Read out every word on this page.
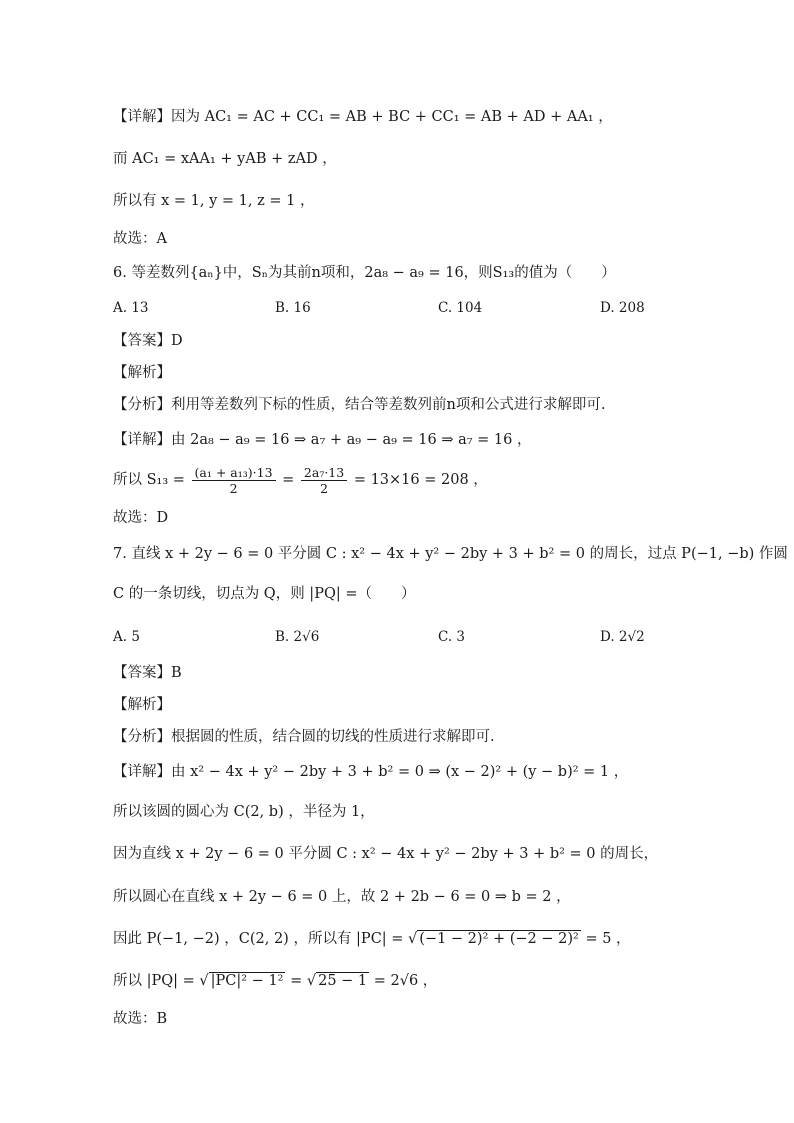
【详解】因为 AC₁ = AC + CC₁ = AB + BC + CC₁ = AB + AD + AA₁ ，
而 AC₁ = xAA₁ + yAB + zAD ，
所以有 x = 1, y = 1, z = 1 ，
故选：A
6. 等差数列{aₙ}中，Sₙ为其前n项和，2a₈ − a₉ = 16，则S₁₃的值为（　　）
A. 13	B. 16	C. 104	D. 208
【答案】D
【解析】
【分析】利用等差数列下标的性质，结合等差数列前n项和公式进行求解即可.
【详解】由 2a₈ − a₉ = 16 ⇒ a₇ + a₉ − a₉ = 16 ⇒ a₇ = 16 ，
所以 $S_{13} = \frac{\text{(a₁ + a₁₃)·13}}{2} = \frac{\text{2a₇·13}}{2} = 13\times 16 = 208$ ，
故选：D
7. 直线 x + 2y − 6 = 0 平分圆 C : x² − 4x + y² − 2by + 3 + b² = 0 的周长，过点 P(−1, −b) 作圆
C 的一条切线，切点为 Q，则 |PQ| =（　　）
A. 5	B. 2√6	C. 3	D. 2√2
【答案】B
【解析】
【分析】根据圆的性质，结合圆的切线的性质进行求解即可.
【详解】由 x² − 4x + y² − 2by + 3 + b² = 0 ⇒ (x − 2)² + (y − b)² = 1 ，
所以该圆的圆心为 C(2, b) ，半径为 1，
因为直线 x + 2y − 6 = 0 平分圆 C : x² − 4x + y² − 2by + 3 + b² = 0 的周长，
所以圆心在直线 x + 2y − 6 = 0 上，故 2 + 2b − 6 = 0 ⇒ b = 2 ，
因此 P(−1, −2) ，C(2, 2) ，所以有 |PC| = √ (−1 − 2)² + (−2 − 2)² = 5 ，
所以 |PQ| = √ |PC|² − 1² = √ 25 − 1 = 2√6 ，
故选：B
